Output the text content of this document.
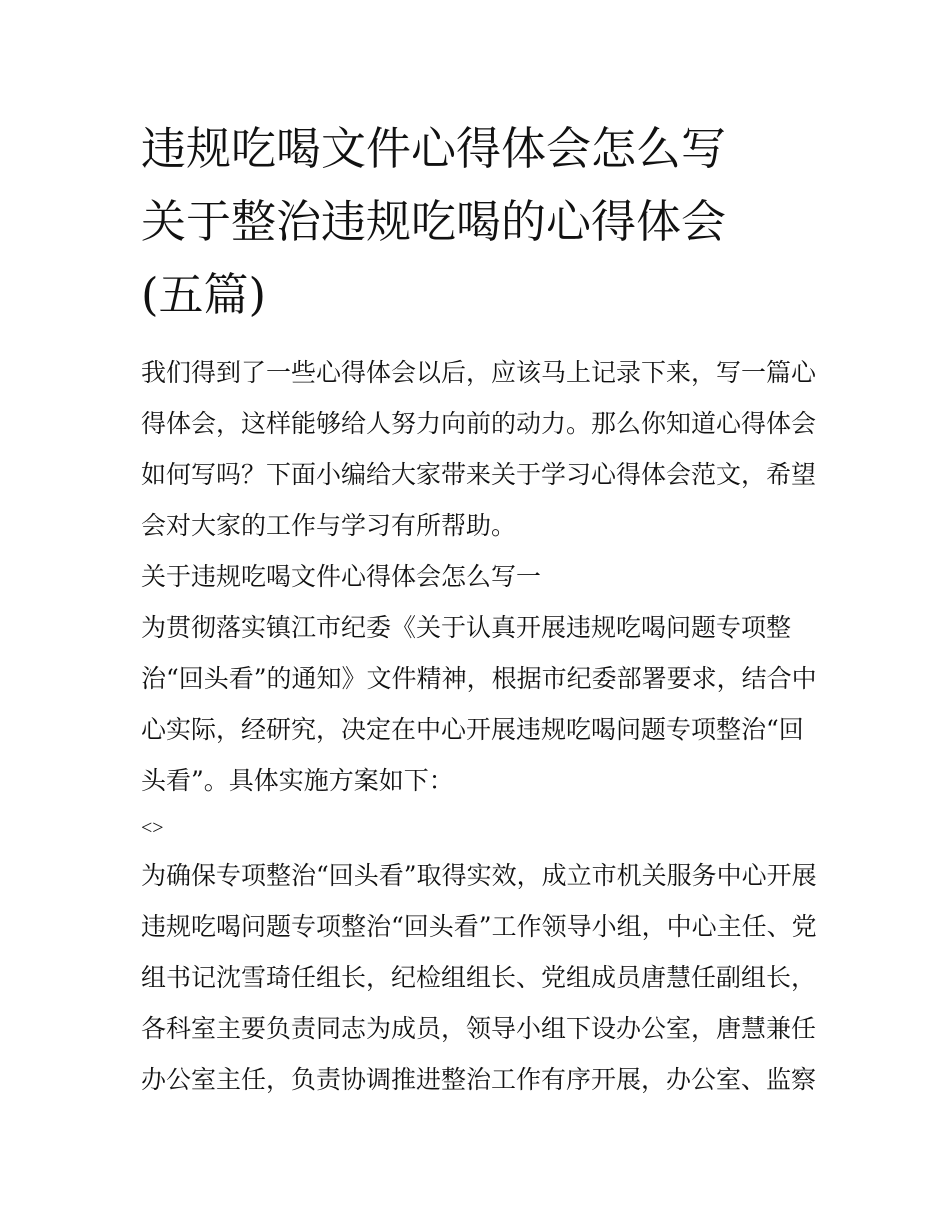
违规吃喝文件心得体会怎么写
关于整治违规吃喝的心得体会
(五篇)
我们得到了一些心得体会以后，应该马上记录下来，写一篇心
得体会，这样能够给人努力向前的动力。那么你知道心得体会
如何写吗？下面小编给大家带来关于学习心得体会范文，希望
会对大家的工作与学习有所帮助。
关于违规吃喝文件心得体会怎么写一
为贯彻落实镇江市纪委《关于认真开展违规吃喝问题专项整
治“回头看”的通知》文件精神，根据市纪委部署要求，结合中
心实际，经研究，决定在中心开展违规吃喝问题专项整治“回
头看”。具体实施方案如下：
<>
为确保专项整治“回头看”取得实效，成立市机关服务中心开展
违规吃喝问题专项整治“回头看”工作领导小组，中心主任、党
组书记沈雪琦任组长，纪检组组长、党组成员唐慧任副组长，
各科室主要负责同志为成员，领导小组下设办公室，唐慧兼任
办公室主任，负责协调推进整治工作有序开展，办公室、监察
